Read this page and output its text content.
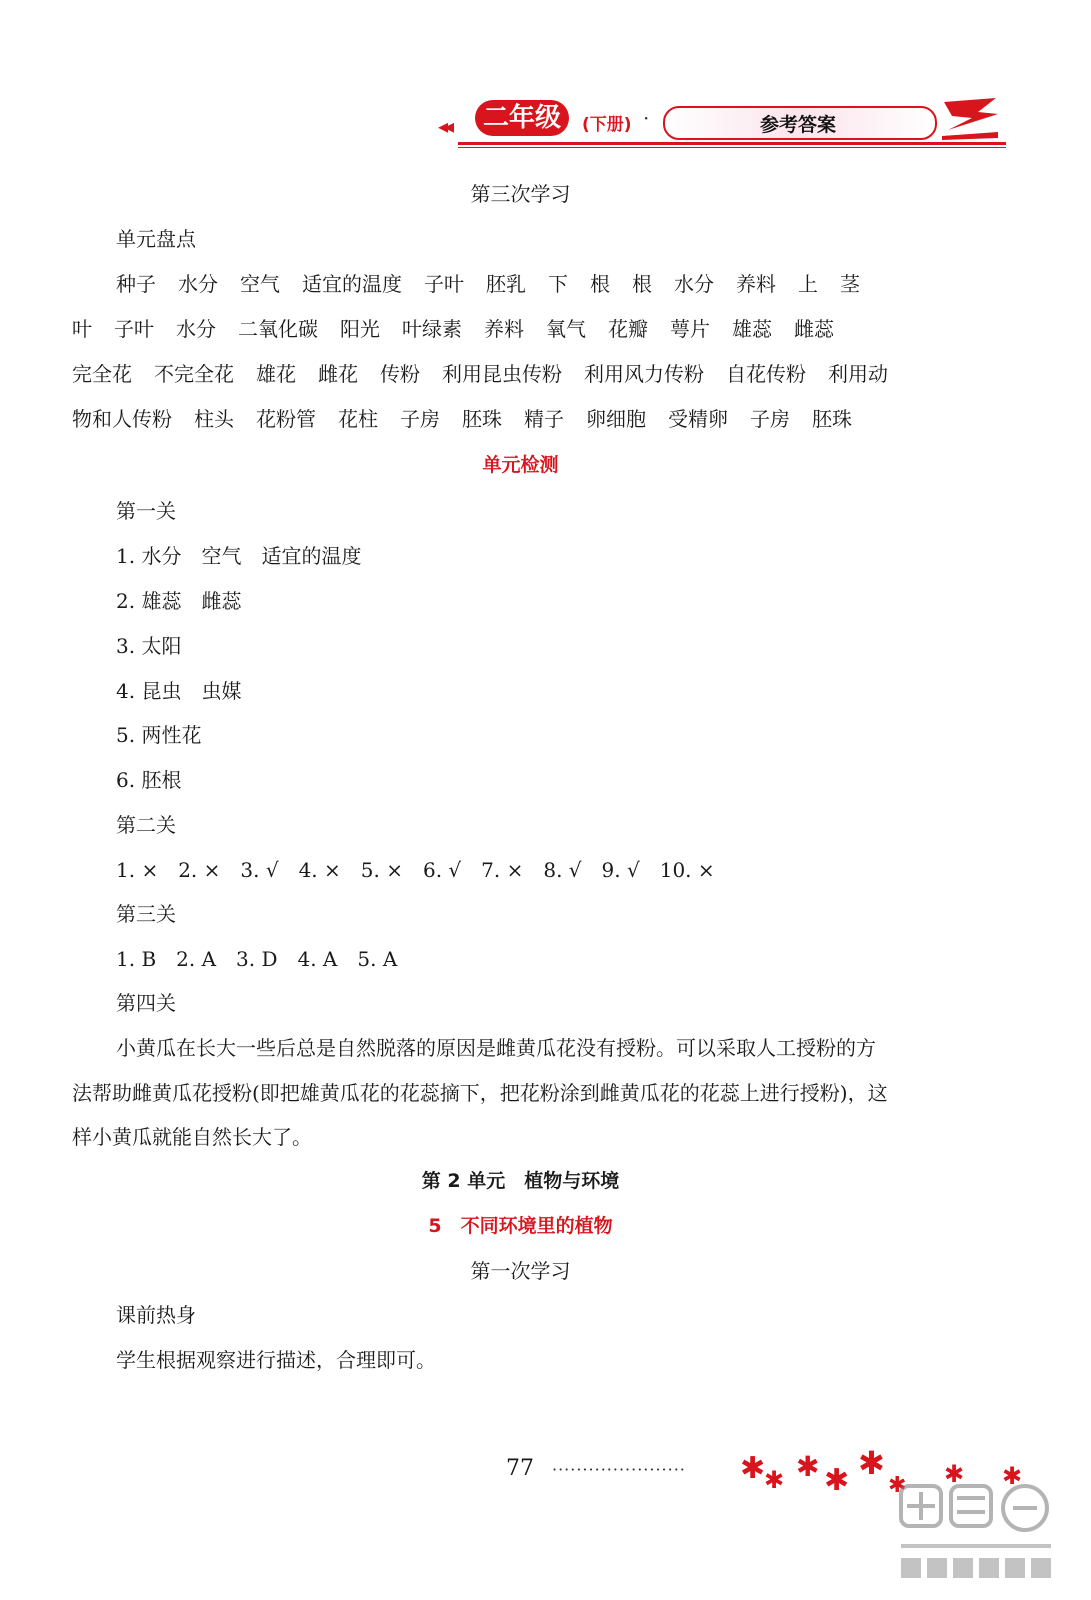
◂◂	二年级	(下册) ·	参考答案
第三次学习
单元盘点
种子 水分 空气 适宜的温度 子叶 胚乳 下 根 根 水分 养料 上 茎
叶 子叶 水分 二氧化碳 阳光 叶绿素 养料 氧气 花瓣 萼片 雄蕊 雌蕊
完全花 不完全花 雄花 雌花 传粉 利用昆虫传粉 利用风力传粉 自花传粉 利用动
物和人传粉 柱头 花粉管 花柱 子房 胚珠 精子 卵细胞 受精卵 子房 胚珠
单元检测
第一关
1. 水分　空气　适宜的温度
2. 雄蕊　雌蕊
3. 太阳
4. 昆虫　虫媒
5. 两性花
6. 胚根
第二关
1. ×　2. ×　3. √　4. ×　5. ×　6. √　7. ×　8. √　9. √　10. ×
第三关
1. B　2. A　3. D　4. A　5. A
第四关
小黄瓜在长大一些后总是自然脱落的原因是雌黄瓜花没有授粉。可以采取人工授粉的方
法帮助雌黄瓜花授粉(即把雄黄瓜花的花蕊摘下，把花粉涂到雌黄瓜花的花蕊上进行授粉)，这
样小黄瓜就能自然长大了。
第 2 单元　植物与环境
5　不同环境里的植物
第一次学习
课前热身
学生根据观察进行描述，合理即可。
77 ······················ ✱
✱ ✱ ✱ ✱
✱ ✱ ✱
